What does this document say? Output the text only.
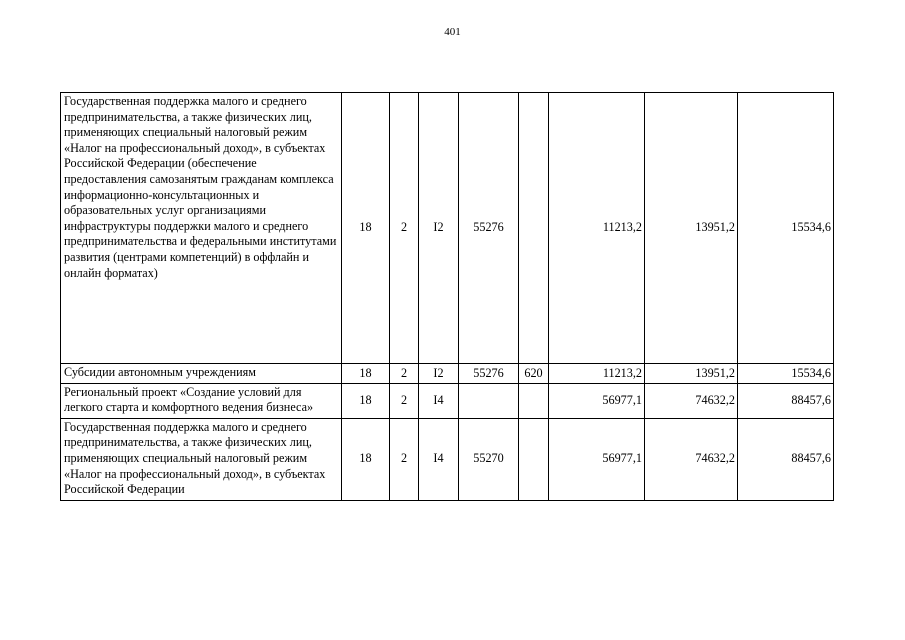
401
Государственная поддержка малого и среднего предпринимательства, а также физических лиц, применяющих специальный налоговый режим «Налог на профессиональный доход», в субъектах Российской Федерации (обеспечение предоставления самозанятым гражданам комплекса информационно-консультационных и образовательных услуг организациями инфраструктуры поддержки малого и среднего предпринимательства и федеральными институтами развития (центрами компетенций) в оффлайн и онлайн форматах)	18	2	I2	55276		11213,2	13951,2	15534,6
Субсидии автономным учреждениям	18	2	I2	55276	620	11213,2	13951,2	15534,6
Региональный проект «Создание условий для легкого старта и комфортного ведения бизнеса»	18	2	I4			56977,1	74632,2	88457,6
Государственная поддержка малого и среднего предпринимательства, а также физических лиц, применяющих специальный налоговый режим «Налог на профессиональный доход», в субъектах Российской Федерации	18	2	I4	55270		56977,1	74632,2	88457,6
